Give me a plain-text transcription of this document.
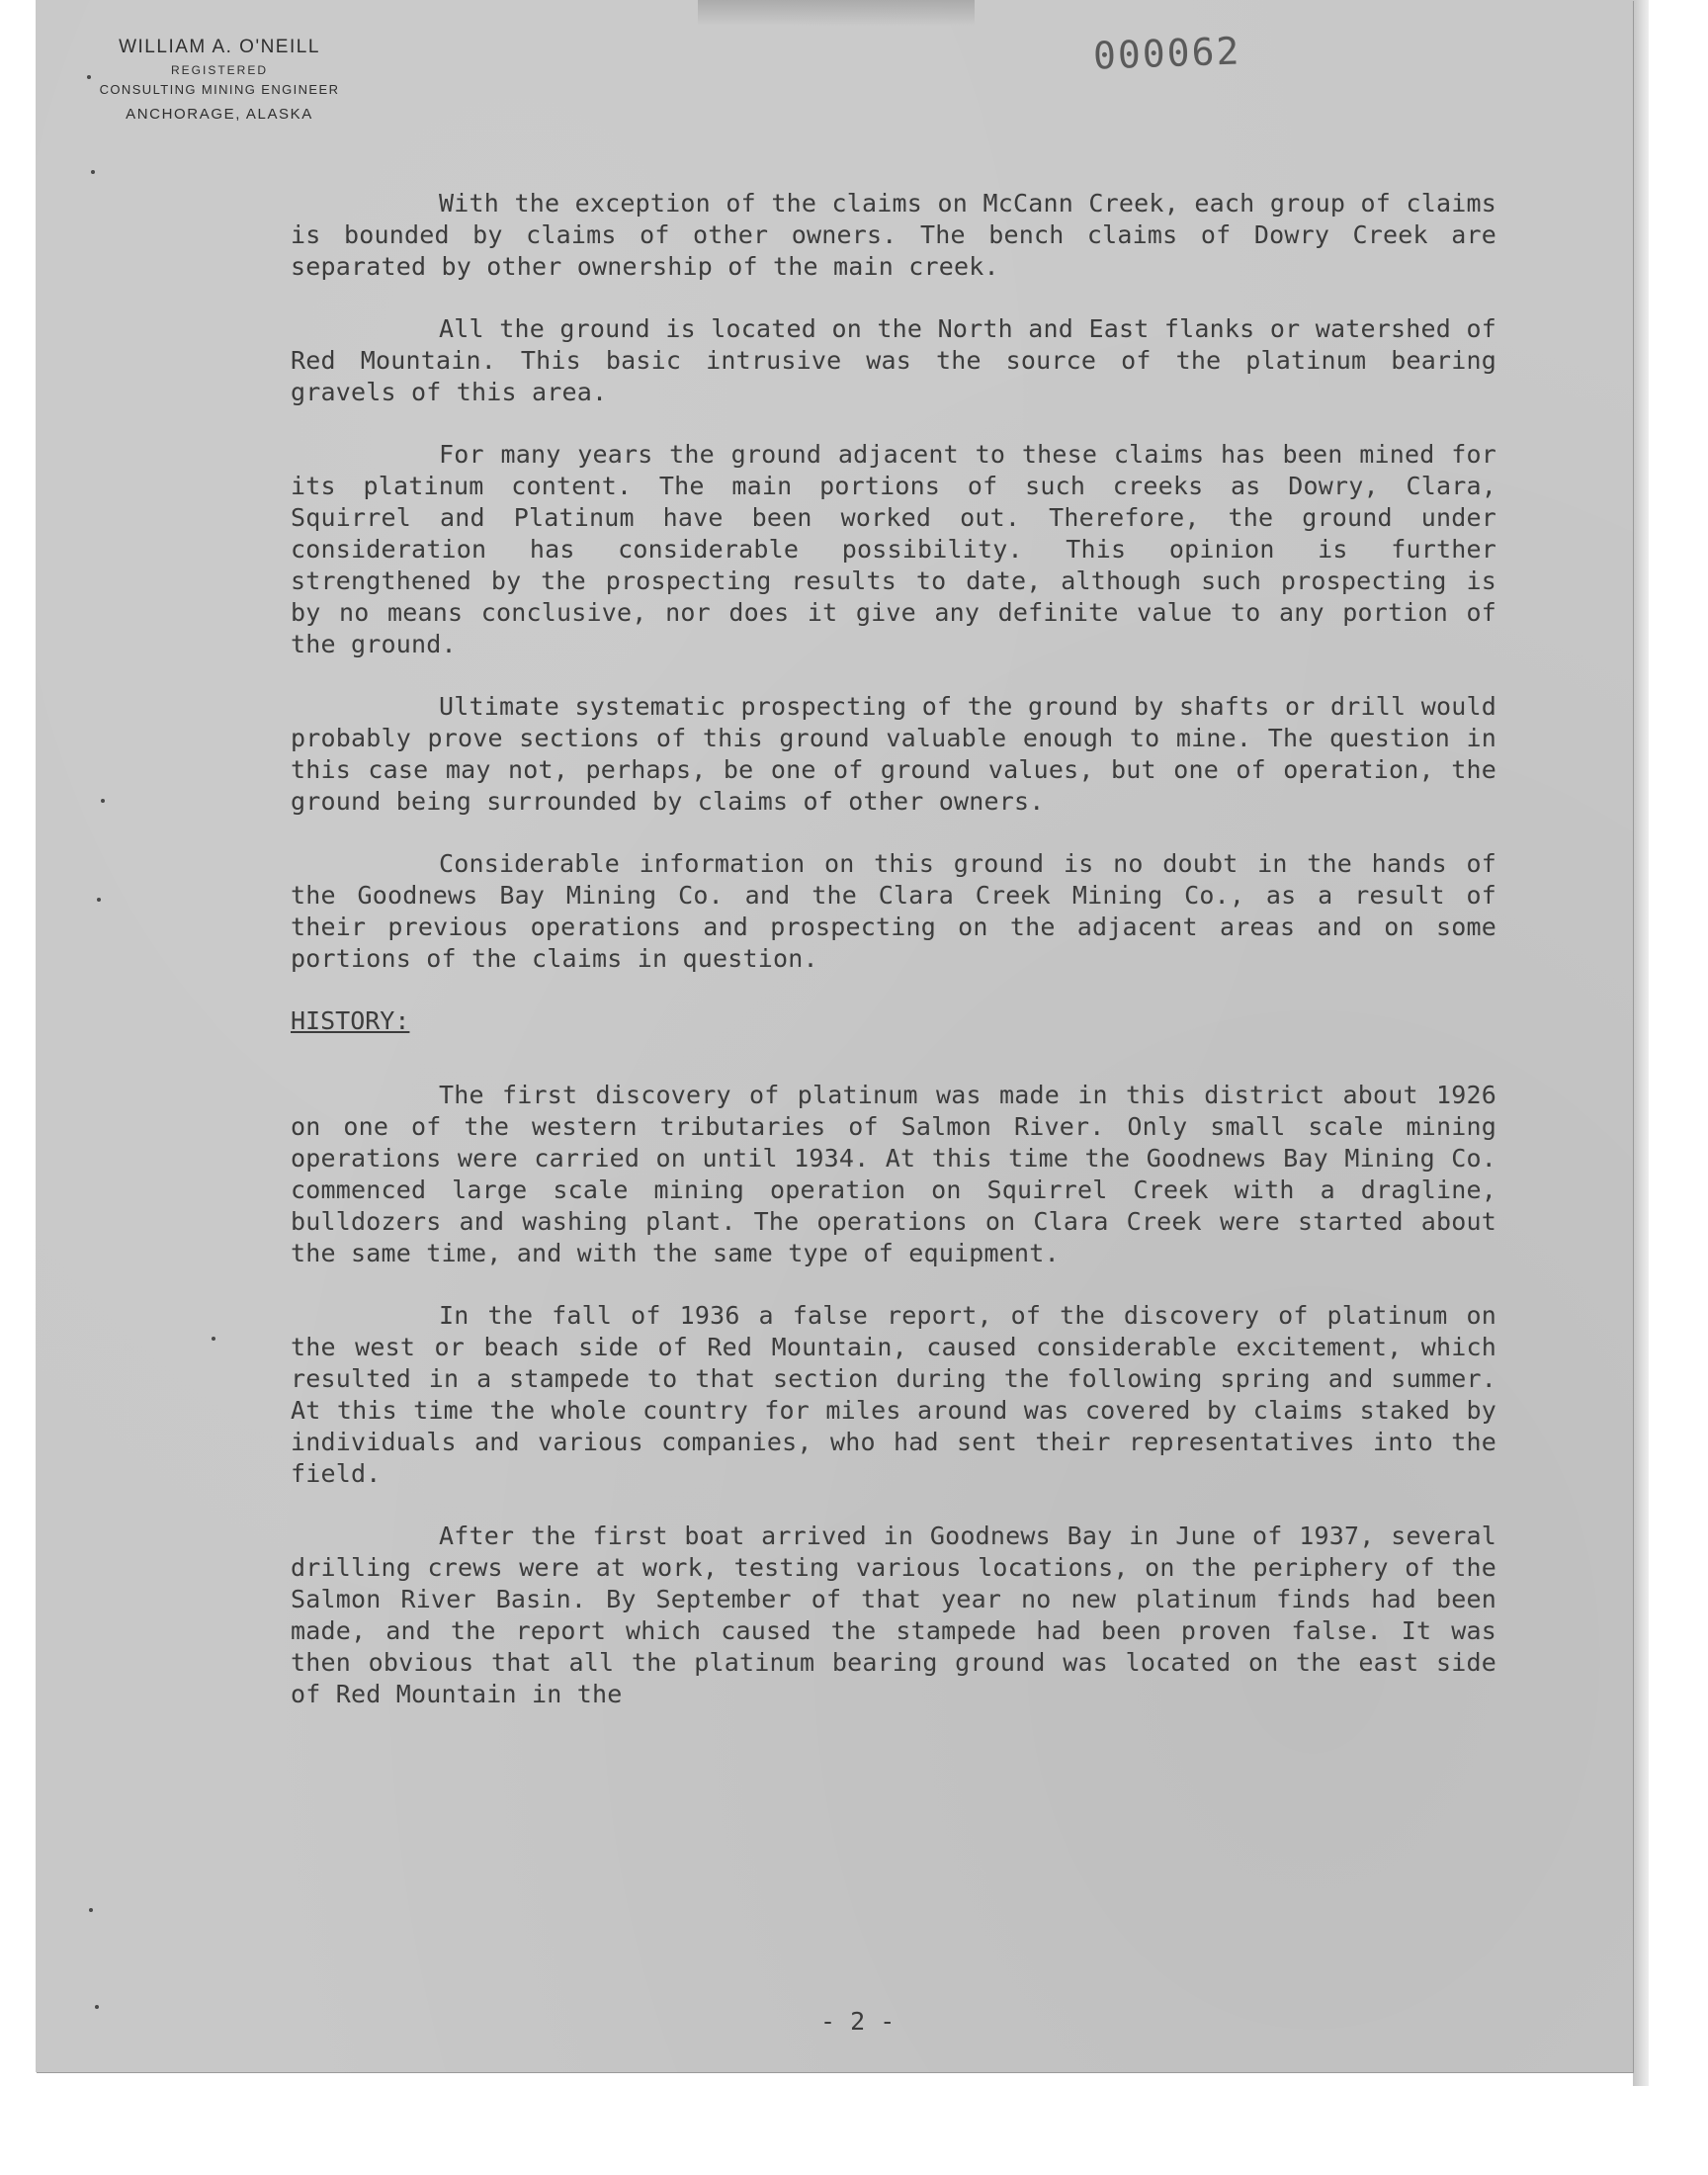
WILLIAM A. O'NEILL
REGISTERED
CONSULTING MINING ENGINEER
ANCHORAGE, ALASKA
000062

With the exception of the claims on McCann Creek, each group of claims is bounded by claims of other owners. The bench claims of Dowry Creek are separated by other ownership of the main creek.

All the ground is located on the North and East flanks or watershed of Red Mountain. This basic intrusive was the source of the platinum bearing gravels of this area.

For many years the ground adjacent to these claims has been mined for its platinum content. The main portions of such creeks as Dowry, Clara, Squirrel and Platinum have been worked out. Therefore, the ground under consideration has considerable possibility. This opinion is further strengthened by the prospecting results to date, although such prospecting is by no means conclusive, nor does it give any definite value to any portion of the ground.

Ultimate systematic prospecting of the ground by shafts or drill would probably prove sections of this ground valuable enough to mine. The question in this case may not, perhaps, be one of ground values, but one of operation, the ground being surrounded by claims of other owners.

Considerable information on this ground is no doubt in the hands of the Goodnews Bay Mining Co. and the Clara Creek Mining Co., as a result of their previous operations and prospecting on the adjacent areas and on some portions of the claims in question.

HISTORY:

The first discovery of platinum was made in this district about 1926 on one of the western tributaries of Salmon River. Only small scale mining operations were carried on until 1934. At this time the Goodnews Bay Mining Co. commenced large scale mining operation on Squirrel Creek with a dragline, bulldozers and washing plant. The operations on Clara Creek were started about the same time, and with the same type of equipment.

In the fall of 1936 a false report, of the discovery of platinum on the west or beach side of Red Mountain, caused considerable excitement, which resulted in a stampede to that section during the following spring and summer. At this time the whole country for miles around was covered by claims staked by individuals and various companies, who had sent their representatives into the field.

After the first boat arrived in Goodnews Bay in June of 1937, several drilling crews were at work, testing various locations, on the periphery of the Salmon River Basin. By September of that year no new platinum finds had been made, and the report which caused the stampede had been proven false. It was then obvious that all the platinum bearing ground was located on the east side of Red Mountain in the

- 2 -
